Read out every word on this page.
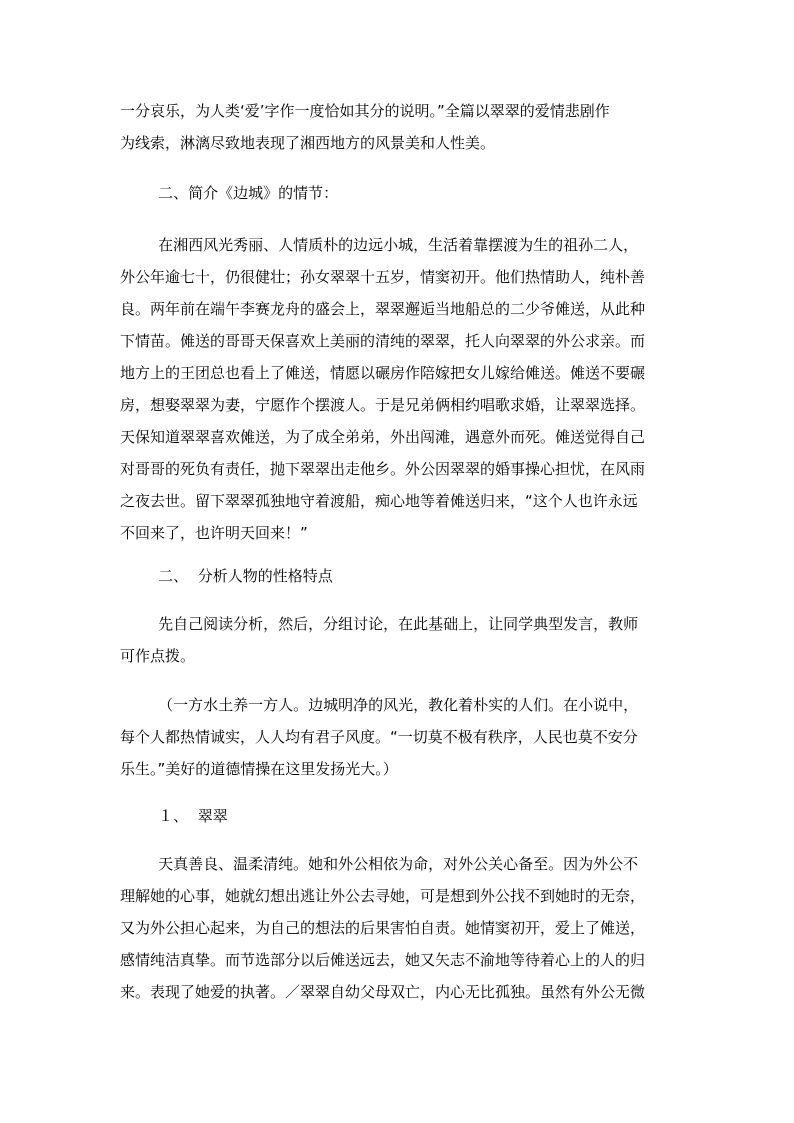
一分哀乐，为人类‘爱’字作一度恰如其分的说明。”全篇以翠翠的爱情悲剧作
为线索，淋漓尽致地表现了湘西地方的风景美和人性美。

二、简介《边城》的情节：

在湘西风光秀丽、人情质朴的边远小城，生活着靠摆渡为生的祖孙二人，
外公年逾七十，仍很健壮；孙女翠翠十五岁，情窦初开。他们热情助人，纯朴善
良。两年前在端午李赛龙舟的盛会上，翠翠邂逅当地船总的二少爷傩送，从此种
下情苗。傩送的哥哥天保喜欢上美丽的清纯的翠翠，托人向翠翠的外公求亲。而
地方上的王团总也看上了傩送，情愿以碾房作陪嫁把女儿嫁给傩送。傩送不要碾
房，想娶翠翠为妻，宁愿作个摆渡人。于是兄弟俩相约唱歌求婚，让翠翠选择。
天保知道翠翠喜欢傩送，为了成全弟弟，外出闯滩，遇意外而死。傩送觉得自己
对哥哥的死负有责任，抛下翠翠出走他乡。外公因翠翠的婚事操心担忧，在风雨
之夜去世。留下翠翠孤独地守着渡船，痴心地等着傩送归来，“这个人也许永远
不回来了，也许明天回来！”

二、  分析人物的性格特点

先自己阅读分析，然后，分组讨论，在此基础上，让同学典型发言，教师
可作点拨。

（一方水土养一方人。边城明净的风光，教化着朴实的人们。在小说中，
每个人都热情诚实，人人均有君子风度。“一切莫不极有秩序，人民也莫不安分
乐生。”美好的道德情操在这里发扬光大。）

１、  翠翠

天真善良、温柔清纯。她和外公相依为命，对外公关心备至。因为外公不
理解她的心事，她就幻想出逃让外公去寻她，可是想到外公找不到她时的无奈，
又为外公担心起来，为自己的想法的后果害怕自责。她情窦初开，爱上了傩送，
感情纯洁真挚。而节选部分以后傩送远去，她又矢志不渝地等待着心上的人的归
来。表现了她爱的执著。／翠翠自幼父母双亡，内心无比孤独。虽然有外公无微
